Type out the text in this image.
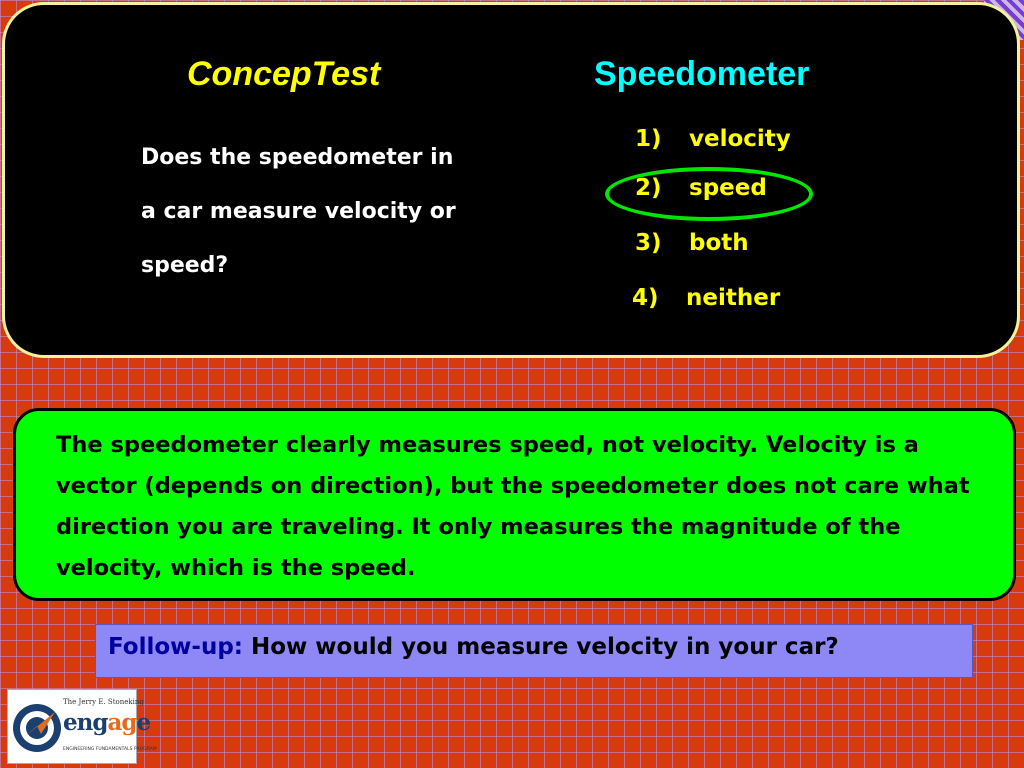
ConcepTest	Speedometer
Does the speedometer in
a car measure velocity or
speed?
1) velocity
2) speed
3) both
4) neither
The speedometer clearly measures speed, not velocity. Velocity is a vector (depends on direction), but the speedometer does not care what direction you are traveling. It only measures the magnitude of the velocity, which is the speed.
Follow-up: How would you measure velocity in your car?
The Jerry E. Stoneking
engage
ENGINEERING FUNDAMENTALS PROGRAM
